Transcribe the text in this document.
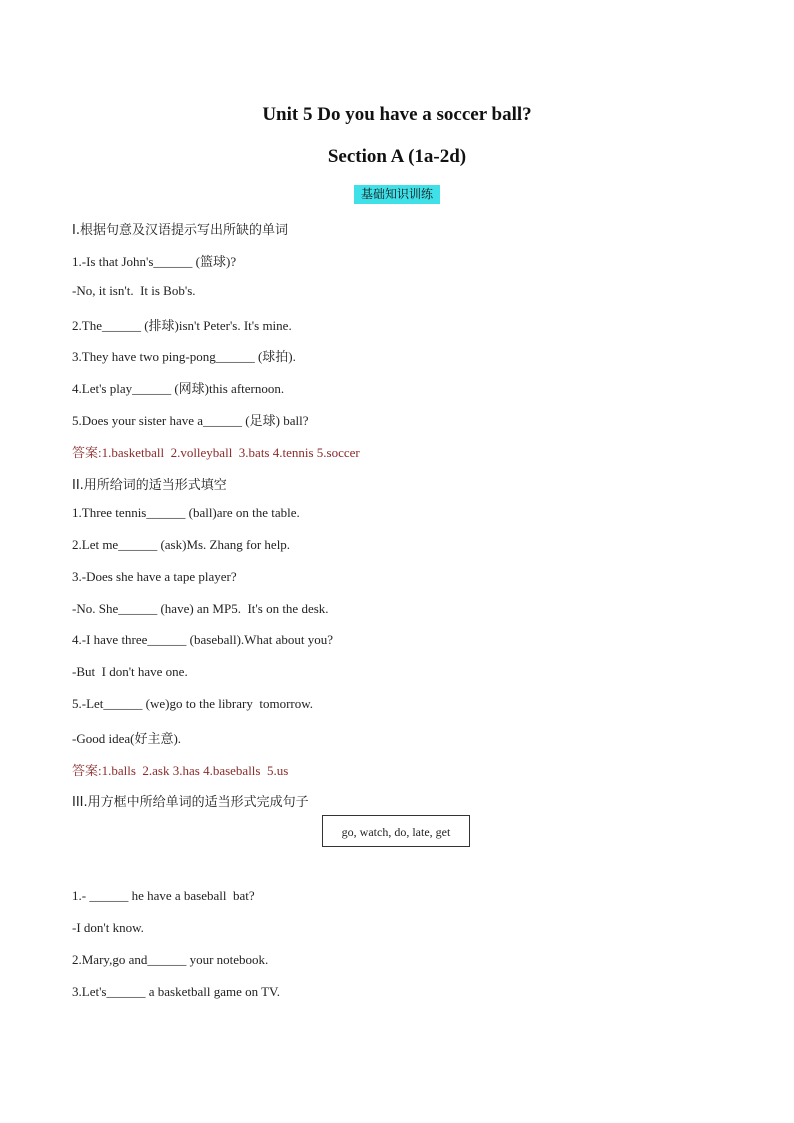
Unit 5 Do you have a soccer ball?
Section A (1a-2d)
基础知识训练
I.根据句意及汉语提示写出所缺的单词
1.-Is that John's______ (篮球)?
-No, it isn't.  It is Bob's.
2.The______ (排球)isn't Peter's. It's mine.
3.They have two ping-pong______ (球拍).
4.Let's play______ (网球)this afternoon.
5.Does your sister have a______ (足球) ball?
答案:1.basketball  2.volleyball  3.bats 4.tennis 5.soccer
II.用所给词的适当形式填空
1.Three tennis______ (ball)are on the table.
2.Let me______ (ask)Ms. Zhang for help.
3.-Does she have a tape player?
-No. She______ (have) an MP5.  It's on the desk.
4.-I have three______ (baseball).What about you?
-But  I don't have one.
5.-Let______ (we)go to the library  tomorrow.
-Good idea(好主意).
答案:1.balls  2.ask 3.has 4.baseballs  5.us
III.用方框中所给单词的适当形式完成句子
go, watch, do, late, get
1.- ______ he have a baseball  bat?
-I don't know.
2.Mary,go and______ your notebook.
3.Let's______ a basketball game on TV.
